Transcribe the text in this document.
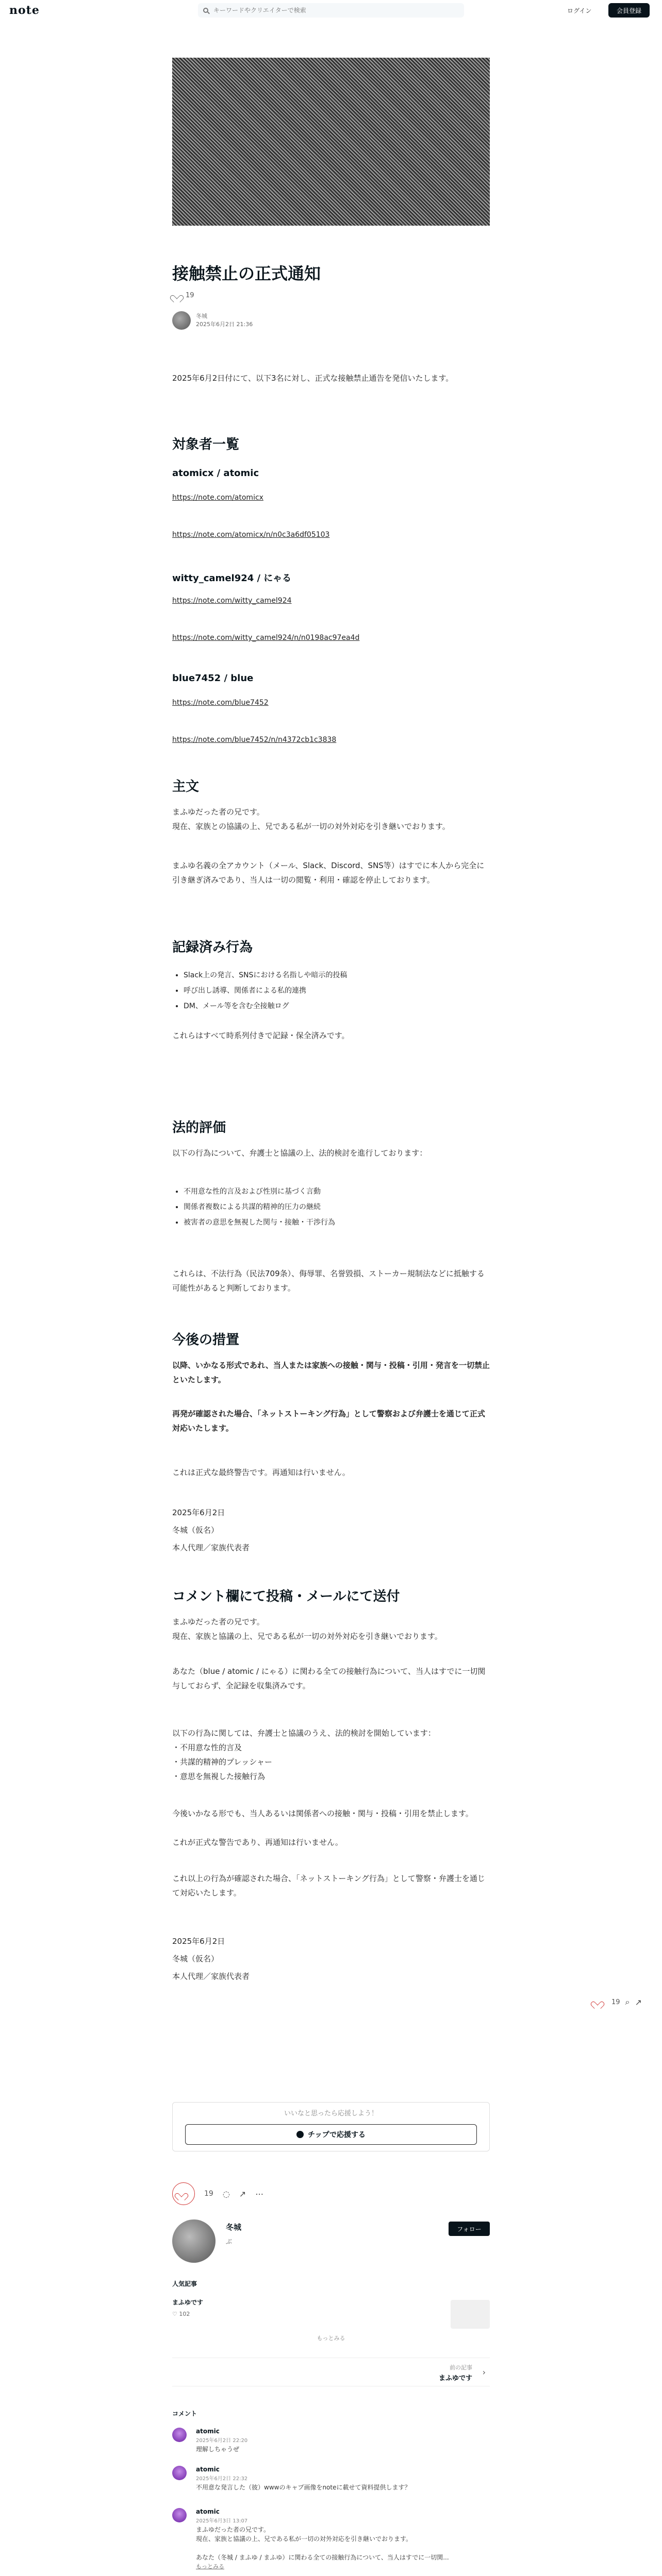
note
キーワードやクリエイターで検索	ログイン	会員登録
接触禁止の正式通知
19
冬城
2025年6月2日 21:36

2025年6月2日付にて、以下3名に対し、正式な接触禁止通告を発信いたします。

対象者一覧
atomicx / atomic
https://note.com/atomicx
https://note.com/atomicx/n/n0c3a6df05103
witty_camel924 / にゃる
https://note.com/witty_camel924
https://note.com/witty_camel924/n/n0198ac97ea4d
blue7452 / blue
https://note.com/blue7452
https://note.com/blue7452/n/n4372cb1c3838
主文

まふゆだった者の兄です。

現在、家族との協議の上、兄である私が一切の対外対応を引き継いでおります。

まふゆ名義の全アカウント（メール、Slack、Discord、SNS等）はすでに本人から完全に引き継ぎ済みであり、当人は一切の閲覧・利用・確認を停止しております。

記録済み行為
• Slack上の発言、SNSにおける名指しや暗示的投稿
• 呼び出し誘導、関係者による私的連携
• DM、メール等を含む全接触ログ

これらはすべて時系列付きで記録・保全済みです。

法的評価

以下の行為について、弁護士と協議の上、法的検討を進行しております：

• 不用意な性的言及および性別に基づく言動
• 関係者複数による共謀的精神的圧力の継続
• 被害者の意思を無視した関与・接触・干渉行為

これらは、不法行為（民法709条）、侮辱罪、名誉毀損、ストーカー規制法などに抵触する可能性があると判断しております。

今後の措置

以降、いかなる形式であれ、当人または家族への接触・関与・投稿・引用・発言を一切禁止といたします。

再発が確認された場合、「ネットストーキング行為」として警察および弁護士を通じて正式対応いたします。

これは正式な最終警告です。再通知は行いません。

2025年6月2日

冬城（仮名）

本人代理／家族代表者

コメント欄にて投稿・メールにて送付

まふゆだった者の兄です。

現在、家族と協議の上、兄である私が一切の対外対応を引き継いでおります。

あなた（blue / atomic / にゃる）に関わる全ての接触行為について、当人はすでに一切関与しておらず、全記録を収集済みです。

以下の行為に関しては、弁護士と協議のうえ、法的検討を開始しています：

・不用意な性的言及

・共謀的精神的プレッシャー

・意思を無視した接触行為

今後いかなる形でも、当人あるいは関係者への接触・関与・投稿・引用を禁止します。

これが正式な警告であり、再通知は行いません。

これ以上の行為が確認された場合、「ネットストーキング行為」として警察・弁護士を通じて対応いたします。

2025年6月2日

冬城（仮名）

本人代理／家族代表者

19 ⌕ ↗
いいなと思ったら応援しよう！
チップで応援する
19 ◌ ↗ ⋯
冬城
ぶ
フォロー
人気記事
まふゆです
♡ 102
もっとみる
前の記事
まふゆです
›
コメント
atomic
2025年6月2日 22:20
理解しちゃうぜ
atomic
2025年6月2日 22:32
不用意な発言した（彼）wwwのキャプ画像をnoteに載せて資料提供します？
atomic
2025年6月3日 13:07
まふゆだった者の兄です。
現在、家族と協議の上、兄である私が一切の対外対応を引き継いでおります。

あなた（冬城 / まふゆ / まふゆ）に関わる全ての接触行為について、当人はすでに一切関...
もっとみる
